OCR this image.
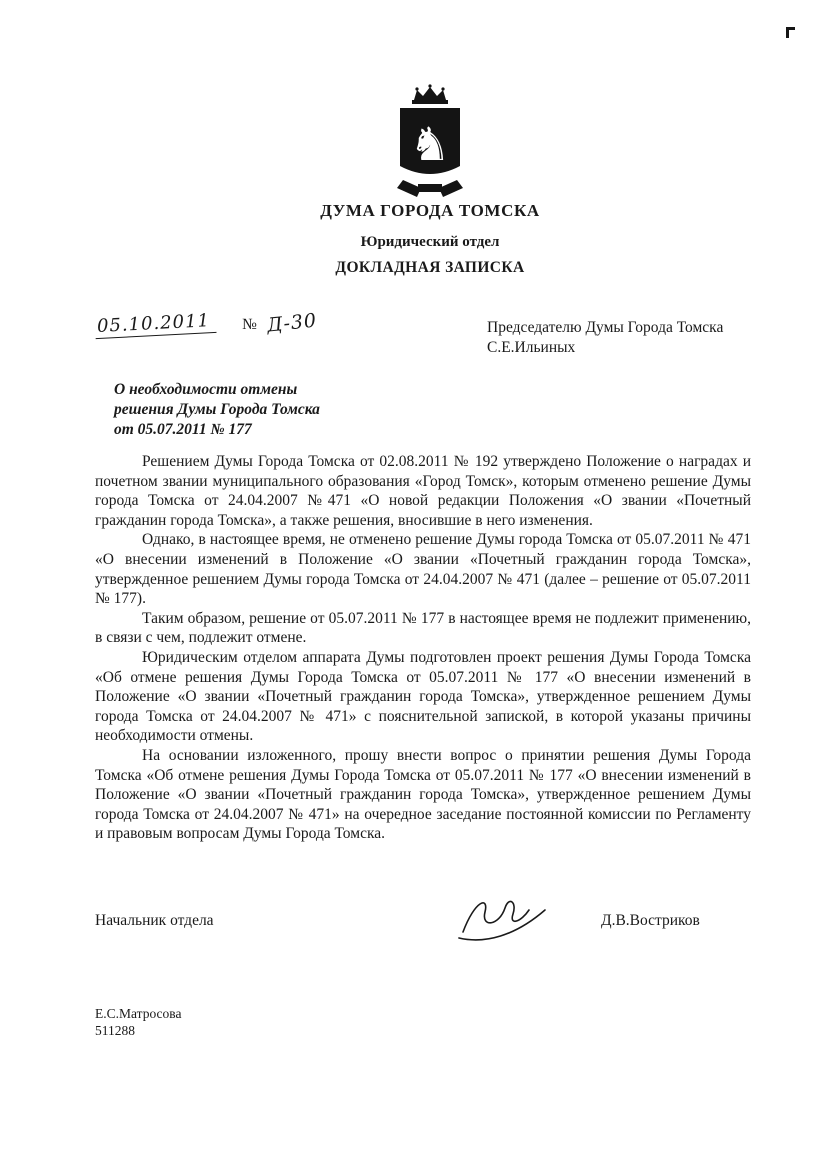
♞
ДУМА ГОРОДА ТОМСКА
Юридический отдел
ДОКЛАДНАЯ ЗАПИСКА
05.10.2011 № Д-30	Председателю Думы Города Томска
С.Е.Ильиных
О необходимости отмены
решения Думы Города Томска
от 05.07.2011 № 177

Решением Думы Города Томска от 02.08.2011 № 192 утверждено Положение о наградах и почетном звании муниципального образования «Город Томск», которым отменено решение Думы города Томска от 24.04.2007 №471 «О новой редакции Положения «О звании «Почетный гражданин города Томска», а также решения, вносившие в него изменения.

Однако, в настоящее время, не отменено решение Думы города Томска от 05.07.2011 № 471 «О внесении изменений в Положение «О звании «Почетный гражданин города Томска», утвержденное решением Думы города Томска от 24.04.2007 № 471 (далее – решение от 05.07.2011 № 177).

Таким образом, решение от 05.07.2011 № 177 в настоящее время не подлежит применению, в связи с чем, подлежит отмене.

Юридическим отделом аппарата Думы подготовлен проект решения Думы Города Томска «Об отмене решения Думы Города Томска от 05.07.2011 № 177 «О внесении изменений в Положение «О звании «Почетный гражданин города Томска», утвержденное решением Думы города Томска от 24.04.2007 № 471» с пояснительной запиской, в которой указаны причины необходимости отмены.

На основании изложенного, прошу внести вопрос о принятии решения Думы Города Томска «Об отмене решения Думы Города Томска от 05.07.2011 № 177 «О внесении изменений в Положение «О звании «Почетный гражданин города Томска», утвержденное решением Думы города Томска от 24.04.2007 № 471» на очередное заседание постоянной комиссии по Регламенту и правовым вопросам Думы Города Томска.

Начальник отдела	Д.В.Востриков
Е.С.Матросова
511288
